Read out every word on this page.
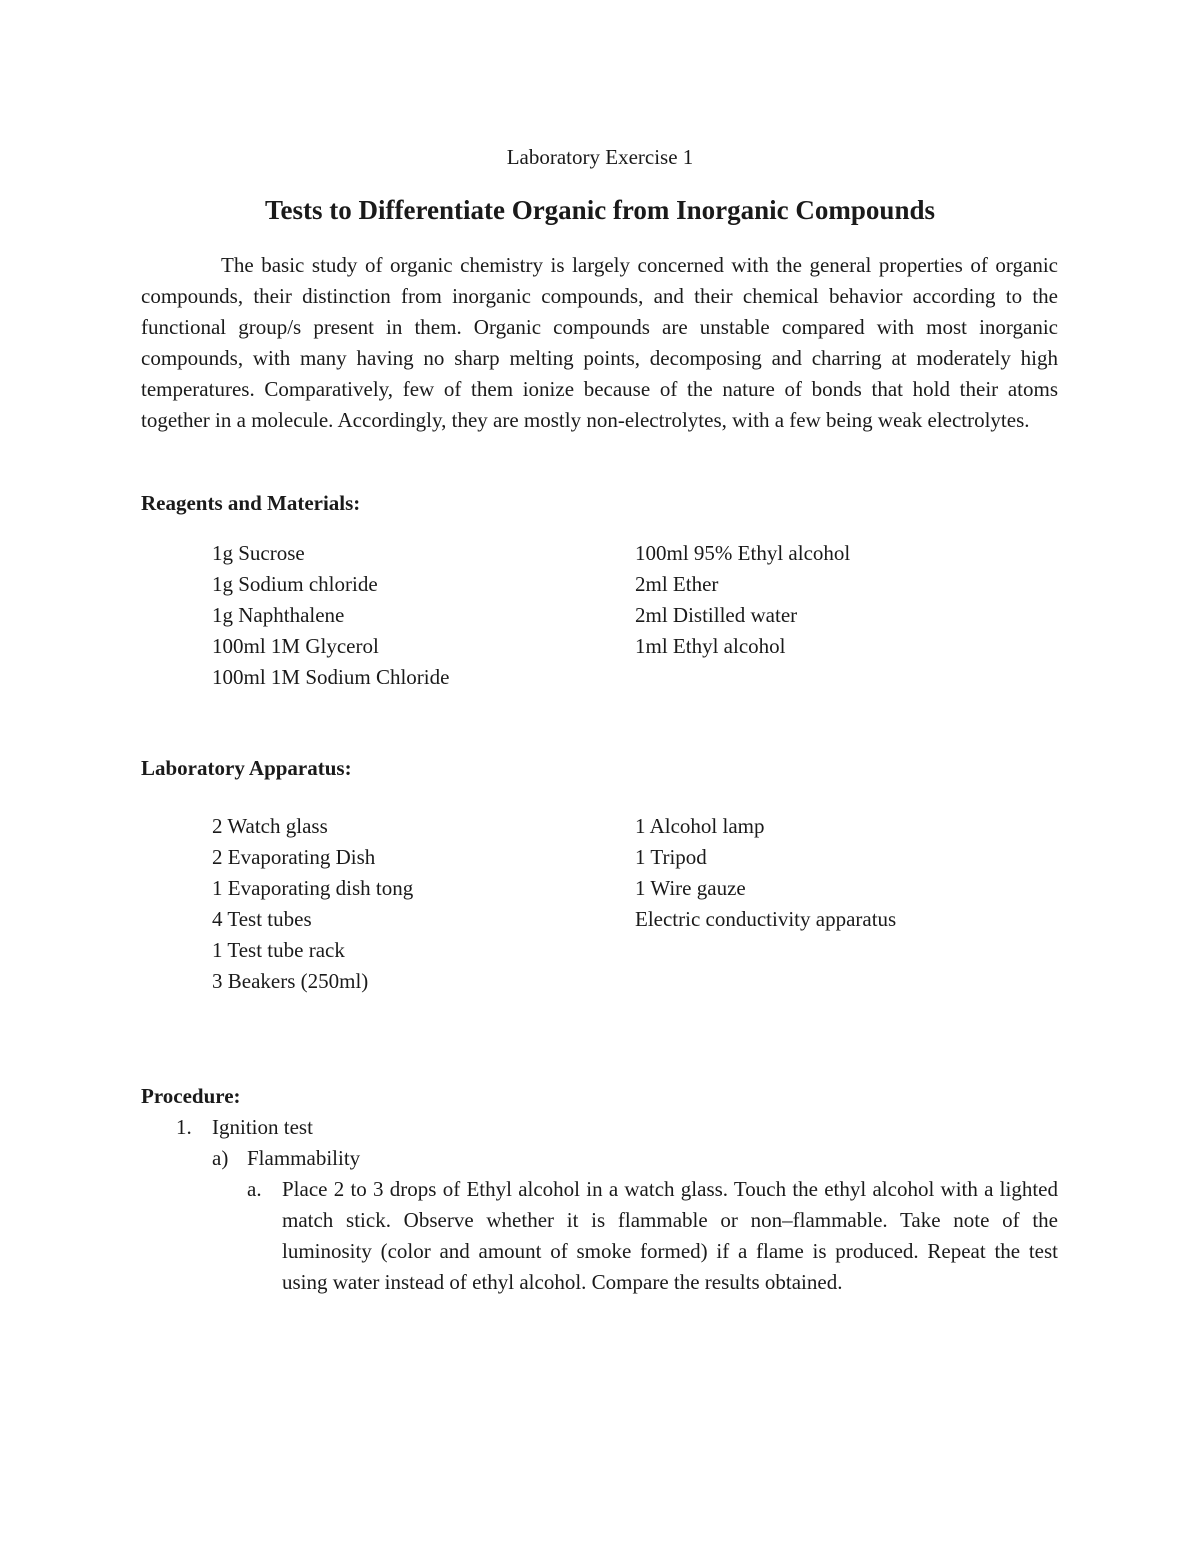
Laboratory Exercise 1
Tests to Differentiate Organic from Inorganic Compounds

The basic study of organic chemistry is largely concerned with the general properties of organic compounds, their distinction from inorganic compounds, and their chemical behavior according to the functional group/s present in them. Organic compounds are unstable compared with most inorganic compounds, with many having no sharp melting points, decomposing and charring at moderately high temperatures. Comparatively, few of them ionize because of the nature of bonds that hold their atoms together in a molecule. Accordingly, they are mostly non-electrolytes, with a few being weak electrolytes.

Reagents and Materials:
1g Sucrose
1g Sodium chloride
1g Naphthalene
100ml 1M Glycerol
100ml 1M Sodium Chloride
100ml 95% Ethyl alcohol
2ml Ether
2ml Distilled water
1ml Ethyl alcohol
Laboratory Apparatus:
2 Watch glass
2 Evaporating Dish
1 Evaporating dish tong
4 Test tubes
1 Test tube rack
3 Beakers (250ml)
1 Alcohol lamp
1 Tripod
1 Wire gauze
Electric conductivity apparatus
Procedure:
1. Ignition test
a) Flammability
a. Place 2 to 3 drops of Ethyl alcohol in a watch glass. Touch the ethyl alcohol with a lighted match stick. Observe whether it is flammable or non–flammable. Take note of the luminosity (color and amount of smoke formed) if a flame is produced. Repeat the test using water instead of ethyl alcohol. Compare the results obtained.
